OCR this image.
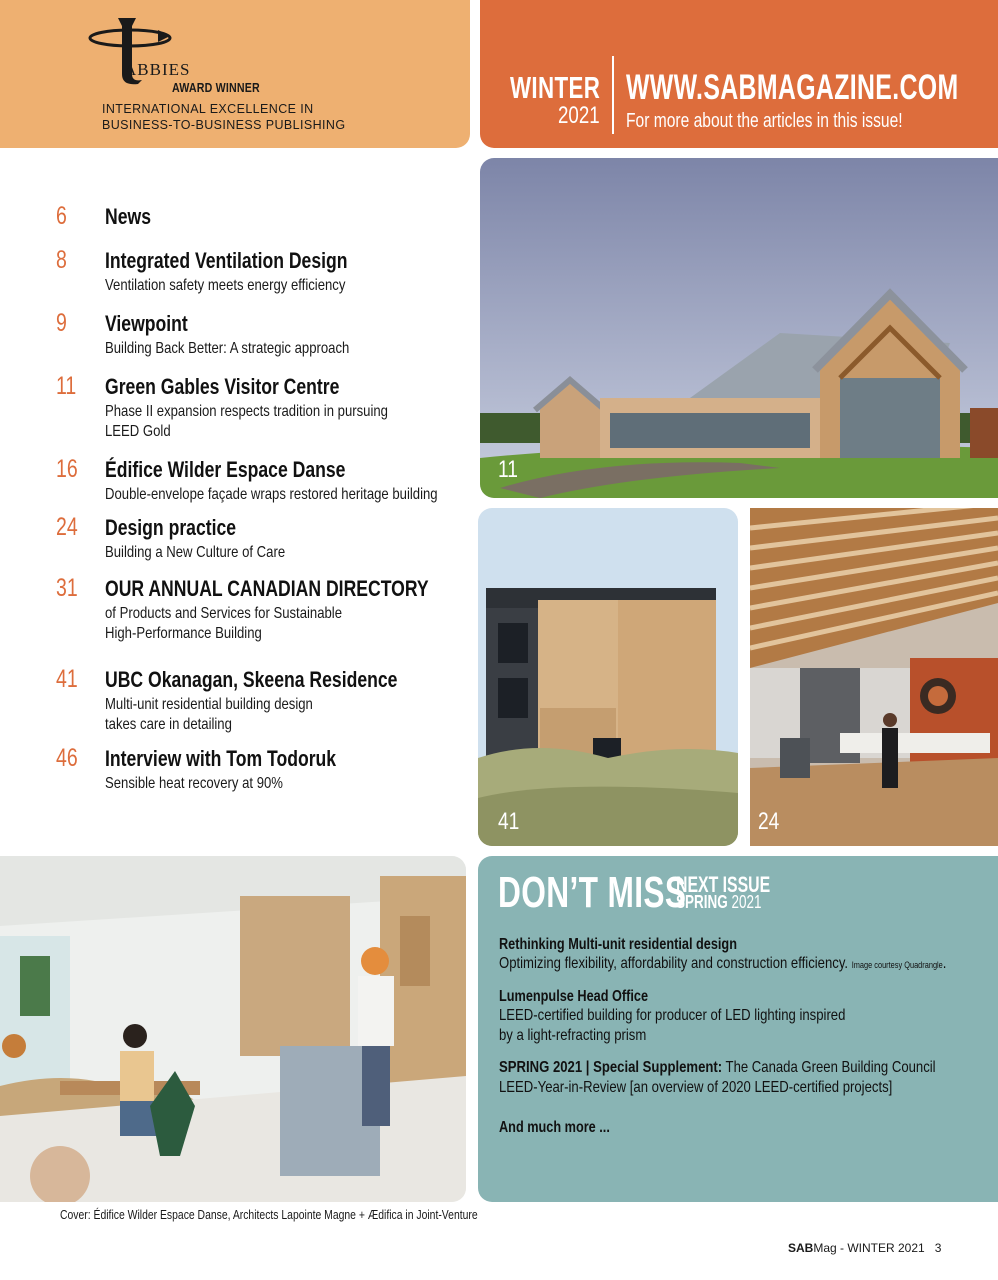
ABBIES
AWARD WINNER
INTERNATIONAL EXCELLENCE IN
BUSINESS-TO-BUSINESS PUBLISHING
WINTER
2021
WWW.SABMAGAZINE.COM
For more about the articles in this issue!
6 News
8 Integrated Ventilation Design
Ventilation safety meets energy efficiency
9 Viewpoint
Building Back Better: A strategic approach
11 Green Gables Visitor Centre
Phase II expansion respects tradition in pursuing
LEED Gold
16 Édifice Wilder Espace Danse
Double-envelope façade wraps restored heritage building
24 Design practice
Building a New Culture of Care
31 OUR ANNUAL CANADIAN DIRECTORY
of Products and Services for Sustainable
High-Performance Building
41 UBC Okanagan, Skeena Residence
Multi-unit residential building design
takes care in detailing
46 Interview with Tom Todoruk
Sensible heat recovery at 90%
11
41	24
DON’T MISS
NEXT ISSUE
SPRING 2021
Rethinking Multi-unit residential design
Optimizing flexibility, affordability and construction efficiency. Image courtesy Quadrangle.
Lumenpulse Head Office
LEED-certified building for producer of LED lighting inspired
by a light-refracting prism
SPRING 2021 | Special Supplement: The Canada Green Building Council
LEED-Year-in-Review [an overview of 2020 LEED-certified projects]
And much more ...
Cover: Édifice Wilder Espace Danse, Architects Lapointe Magne + Ædifica in Joint-Venture
SABMag - WINTER 2021 3
